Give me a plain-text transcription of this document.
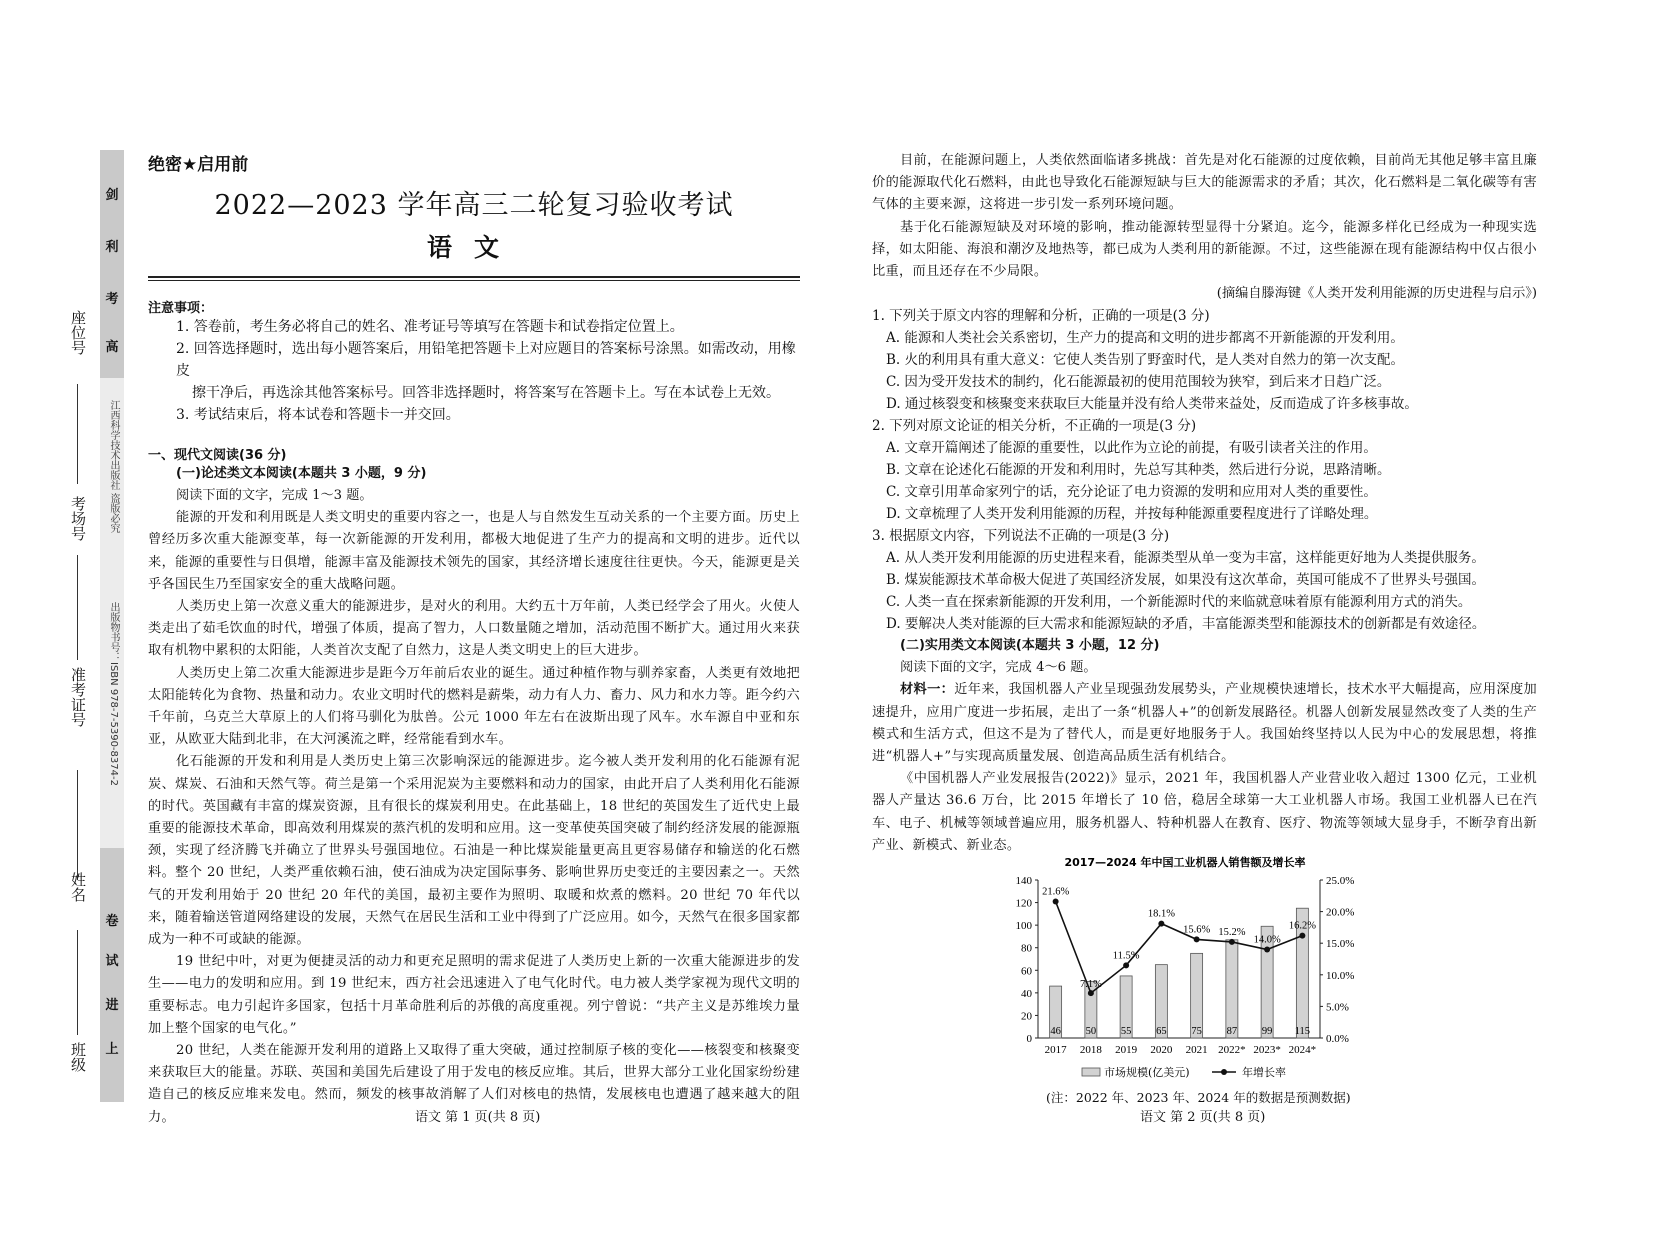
剑
利
考
高
上
进
试
卷
江西科学技术出版社 盗版必究
出版物书号：ISBN 978-7-5390-8374-2
座位号
考场号
准考证号
姓名
班级
绝密★启用前
2022—2023 学年高三二轮复习验收考试
语文
注意事项：
1. 答卷前，考生务必将自己的姓名、准考证号等填写在答题卡和试卷指定位置上。
2. 回答选择题时，选出每小题答案后，用铅笔把答题卡上对应题目的答案标号涂黑。如需改动，用橡皮
擦干净后，再选涂其他答案标号。回答非选择题时，将答案写在答题卡上。写在本试卷上无效。
3. 考试结束后，将本试卷和答题卡一并交回。
一、现代文阅读(36 分)
(一)论述类文本阅读(本题共 3 小题，9 分)
阅读下面的文字，完成 1～3 题。

能源的开发和利用既是人类文明史的重要内容之一，也是人与自然发生互动关系的一个主要方面。历史上曾经历多次重大能源变革，每一次新能源的开发利用，都极大地促进了生产力的提高和文明的进步。近代以来，能源的重要性与日俱增，能源丰富及能源技术领先的国家，其经济增长速度往往更快。今天，能源更是关乎各国民生乃至国家安全的重大战略问题。

人类历史上第一次意义重大的能源进步，是对火的利用。大约五十万年前，人类已经学会了用火。火使人类走出了茹毛饮血的时代，增强了体质，提高了智力，人口数量随之增加，活动范围不断扩大。通过用火来获取有机物中累积的太阳能，人类首次支配了自然力，这是人类文明史上的巨大进步。

人类历史上第二次重大能源进步是距今万年前后农业的诞生。通过种植作物与驯养家畜，人类更有效地把太阳能转化为食物、热量和动力。农业文明时代的燃料是薪柴，动力有人力、畜力、风力和水力等。距今约六千年前，乌克兰大草原上的人们将马驯化为肽兽。公元 1000 年左右在波斯出现了风车。水车源自中亚和东亚，从欧亚大陆到北非，在大河溪流之畔，经常能看到水车。

化石能源的开发和利用是人类历史上第三次影响深远的能源进步。迄今被人类开发利用的化石能源有泥炭、煤炭、石油和天然气等。荷兰是第一个采用泥炭为主要燃料和动力的国家，由此开启了人类利用化石能源的时代。英国藏有丰富的煤炭资源，且有很长的煤炭利用史。在此基础上，18 世纪的英国发生了近代史上最重要的能源技术革命，即高效利用煤炭的蒸汽机的发明和应用。这一变革使英国突破了制约经济发展的能源瓶颈，实现了经济腾飞并确立了世界头号强国地位。石油是一种比煤炭能量更高且更容易储存和输送的化石燃料。整个 20 世纪，人类严重依赖石油，使石油成为决定国际事务、影响世界历史变迁的主要因素之一。天然气的开发利用始于 20 世纪 20 年代的美国，最初主要作为照明、取暖和炊煮的燃料。20 世纪 70 年代以来，随着输送管道网络建设的发展，天然气在居民生活和工业中得到了广泛应用。如今，天然气在很多国家都成为一种不可或缺的能源。

19 世纪中叶，对更为便捷灵活的动力和更充足照明的需求促进了人类历史上新的一次重大能源进步的发生——电力的发明和应用。到 19 世纪末，西方社会迅速进入了电气化时代。电力被人类学家视为现代文明的重要标志。电力引起许多国家，包括十月革命胜利后的苏俄的高度重视。列宁曾说：“共产主义是苏维埃力量加上整个国家的电气化。”

20 世纪，人类在能源开发利用的道路上又取得了重大突破，通过控制原子核的变化——核裂变和核聚变来获取巨大的能量。苏联、英国和美国先后建设了用于发电的核反应堆。其后，世界大部分工业化国家纷纷建造自己的核反应堆来发电。然而，频发的核事故消解了人们对核电的热情，发展核电也遭遇了越来越大的阻力。	语文 第 1 页(共 8 页)

目前，在能源问题上，人类依然面临诸多挑战：首先是对化石能源的过度依赖，目前尚无其他足够丰富且廉价的能源取代化石燃料，由此也导致化石能源短缺与巨大的能源需求的矛盾；其次，化石燃料是二氧化碳等有害气体的主要来源，这将进一步引发一系列环境问题。

基于化石能源短缺及对环境的影响，推动能源转型显得十分紧迫。迄今，能源多样化已经成为一种现实选择，如太阳能、海浪和潮汐及地热等，都已成为人类利用的新能源。不过，这些能源在现有能源结构中仅占很小比重，而且还存在不少局限。

(摘编自滕海键《人类开发利用能源的历史进程与启示》)

1. 下列关于原文内容的理解和分析，正确的一项是(3 分)

A. 能源和人类社会关系密切，生产力的提高和文明的进步都离不开新能源的开发利用。

B. 火的利用具有重大意义：它使人类告别了野蛮时代，是人类对自然力的第一次支配。

C. 因为受开发技术的制约，化石能源最初的使用范围较为狭窄，到后来才日趋广泛。

D. 通过核裂变和核聚变来获取巨大能量并没有给人类带来益处，反而造成了许多核事故。

2. 下列对原文论证的相关分析，不正确的一项是(3 分)

A. 文章开篇阐述了能源的重要性，以此作为立论的前提，有吸引读者关注的作用。

B. 文章在论述化石能源的开发和利用时，先总写其种类，然后进行分说，思路清晰。

C. 文章引用革命家列宁的话，充分论证了电力资源的发明和应用对人类的重要性。

D. 文章梳理了人类开发利用能源的历程，并按每种能源重要程度进行了详略处理。

3. 根据原文内容，下列说法不正确的一项是(3 分)

A. 从人类开发利用能源的历史进程来看，能源类型从单一变为丰富，这样能更好地为人类提供服务。

B. 煤炭能源技术革命极大促进了英国经济发展，如果没有这次革命，英国可能成不了世界头号强国。

C. 人类一直在探索新能源的开发利用，一个新能源时代的来临就意味着原有能源利用方式的消失。

D. 要解决人类对能源的巨大需求和能源短缺的矛盾，丰富能源类型和能源技术的创新都是有效途径。

(二)实用类文本阅读(本题共 3 小题，12 分)
阅读下面的文字，完成 4～6 题。

材料一：近年来，我国机器人产业呈现强劲发展势头，产业规模快速增长，技术水平大幅提高，应用深度加速提升，应用广度进一步拓展，走出了一条“机器人+”的创新发展路径。机器人创新发展显然改变了人类的生产模式和生活方式，但这不是为了替代人，而是更好地服务于人。我国始终坚持以人民为中心的发展思想，将推进“机器人+”与实现高质量发展、创造高品质生活有机结合。

《中国机器人产业发展报告(2022)》显示，2021 年，我国机器人产业营业收入超过 1300 亿元，工业机器人产量达 36.6 万台，比 2015 年增长了 10 倍，稳居全球第一大工业机器人市场。我国工业机器人已在汽车、电子、机械等领域普遍应用，服务机器人、特种机器人在教育、医疗、物流等领域大显身手，不断孕育出新产业、新模式、新业态。

2017—2024 年中国工业机器人销售额及增长率
0
20
40
60
80
100
120
140
0.0%
5.0%
10.0%
15.0%
20.0%
25.0%
46
2017
50
2018
55
2019
65
2020
75
2021
87
2022*
99
2023*
115
2024*
21.6%
7.1%
11.5%
18.1%
15.6% 15.2%
14.0%
16.2%
市场规模(亿美元)	年增长率
(注：2022 年、2023 年、2024 年的数据是预测数据)
语文 第 2 页(共 8 页)
